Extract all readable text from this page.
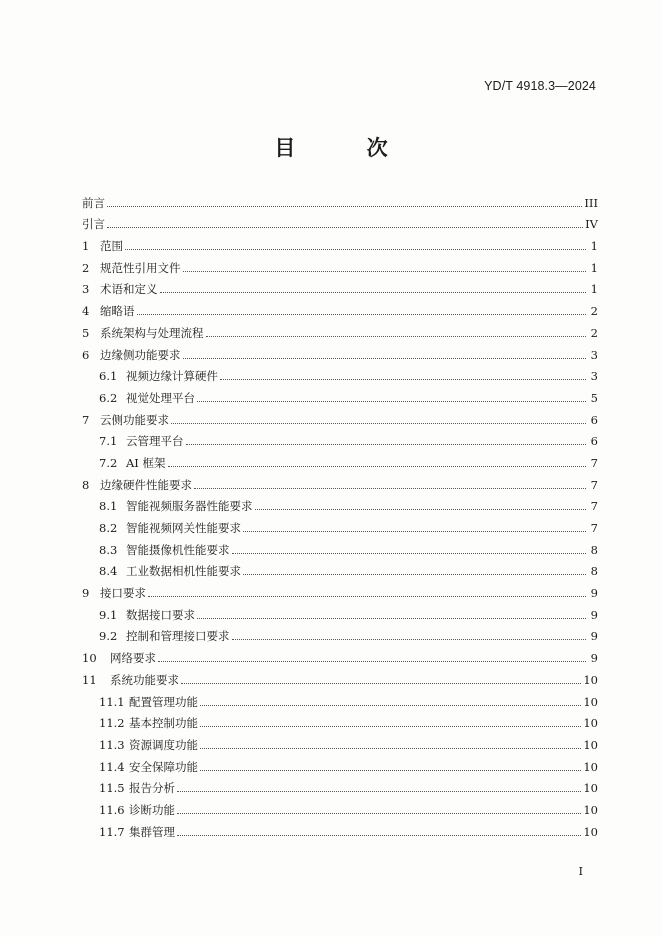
YD/T 4918.3—2024
目 次
前言	III
引言	IV
1 范围	1
2 规范性引用文件	1
3 术语和定义	1
4 缩略语	2
5 系统架构与处理流程	2
6 边缘侧功能要求	3
6.1 视频边缘计算硬件	3
6.2 视觉处理平台	5
7 云侧功能要求	6
7.1 云管理平台	6
7.2 AI 框架	7
8 边缘硬件性能要求	7
8.1 智能视频服务器性能要求	7
8.2 智能视频网关性能要求	7
8.3 智能摄像机性能要求	8
8.4 工业数据相机性能要求	8
9 接口要求	9
9.1 数据接口要求	9
9.2 控制和管理接口要求	9
10	网络要求	9
11	系统功能要求	10
11.1 配置管理功能	10
11.2 基本控制功能	10
11.3 资源调度功能	10
11.4 安全保障功能	10
11.5 报告分析	10
11.6 诊断功能	10
11.7 集群管理	10
I
